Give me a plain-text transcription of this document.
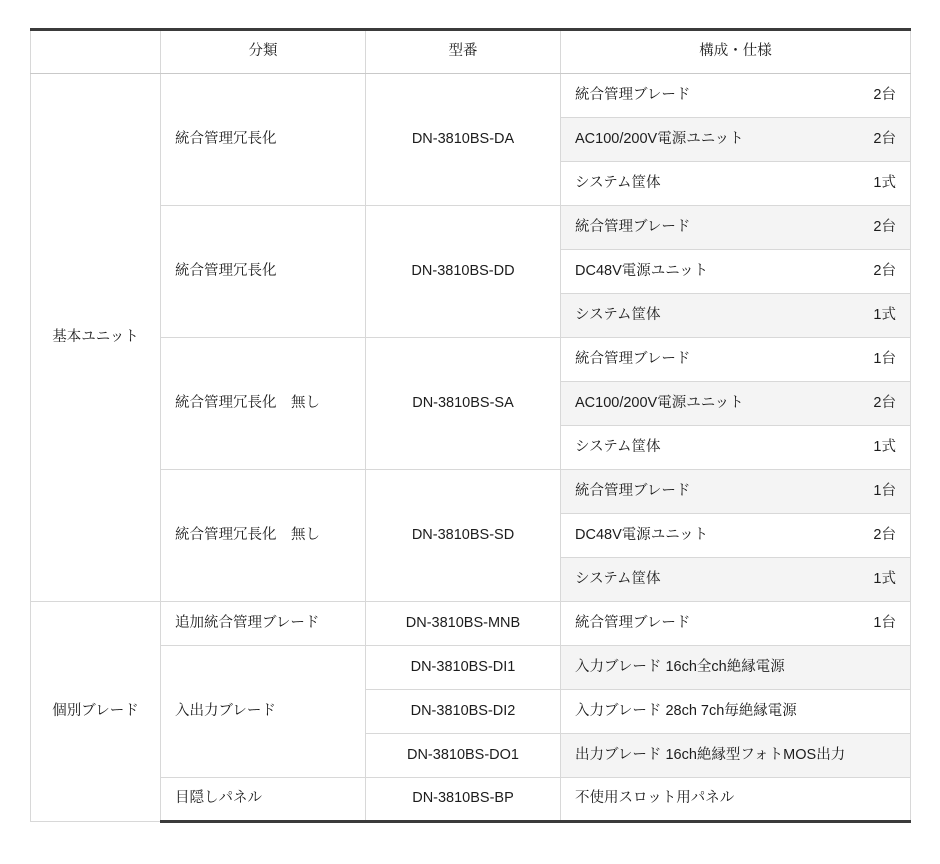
	分類	型番	構成・仕様
基本ユニット	統合管理冗長化	DN-3810BS-DA	統合管理ブレード 2台

			AC100/200V電源ユニット 2台

			システム筐体 1式

	統合管理冗長化	DN-3810BS-DD	統合管理ブレード 2台

			DC48V電源ユニット 2台

			システム筐体 1式

	統合管理冗長化　無し	DN-3810BS-SA	統合管理ブレード 1台

			AC100/200V電源ユニット 2台

			システム筐体 1式

	統合管理冗長化　無し	DN-3810BS-SD	統合管理ブレード 1台

			DC48V電源ユニット 2台

			システム筐体 1式

個別ブレード	追加統合管理ブレード	DN-3810BS-MNB	統合管理ブレード 1台

	入出力ブレード	DN-3810BS-DI1	入力ブレード 16ch全ch絶縁電源
		DN-3810BS-DI2	入力ブレード 28ch 7ch毎絶縁電源
		DN-3810BS-DO1	出力ブレード 16ch絶縁型フォトMOS出力
	目隠しパネル	DN-3810BS-BP	不使用スロット用パネル
